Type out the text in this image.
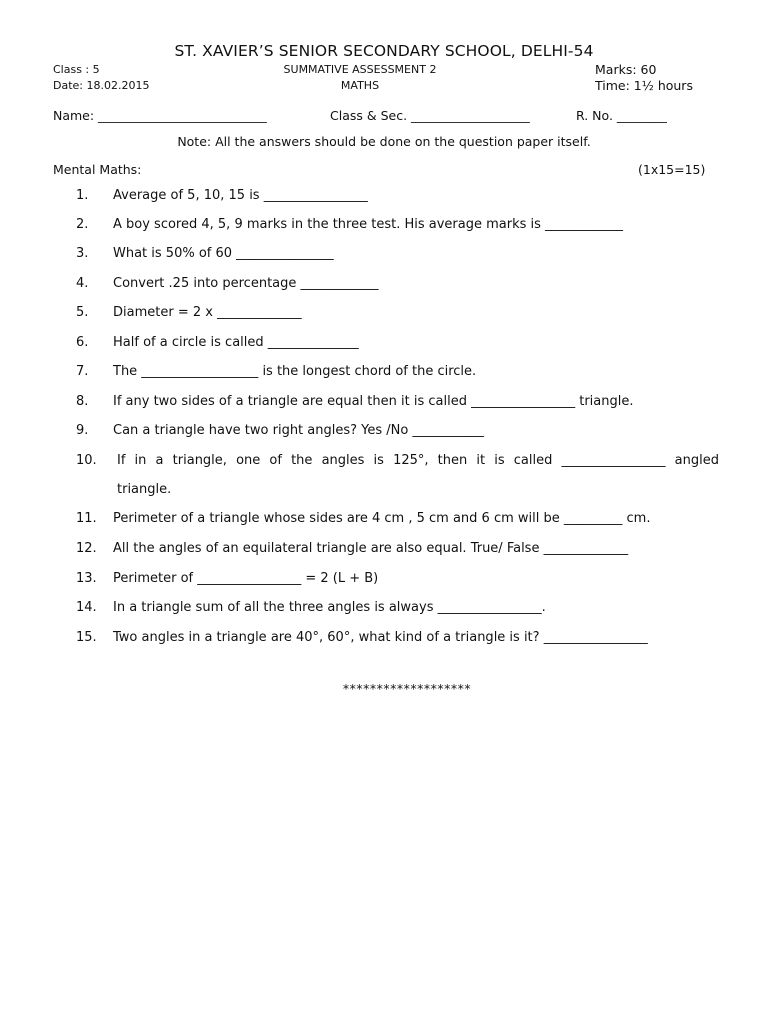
ST. XAVIER’S SENIOR SECONDARY SCHOOL, DELHI-54
Class : 5	SUMMATIVE ASSESSMENT 2	Marks: 60
Date: 18.02.2015	MATHS	Time: 1½ hours
Name: ___________________________	Class & Sec. ___________________	R. No. ________
Note: All the answers should be done on the question paper itself.
Mental Maths:	(1x15=15)
1.	Average of 5, 10, 15 is ________________
2.	A boy scored 4, 5, 9 marks in the three test. His average marks is ____________
3.	What is 50% of 60 _______________
4.	Convert .25 into percentage ____________
5.	Diameter = 2 x _____________
6.	Half of a circle is called ______________
7.	The __________________ is the longest chord of the circle.
8.	If any two sides of a triangle are equal then it is called ________________ triangle.
9.	Can a triangle have two right angles? Yes /No ___________
10. If in a triangle, one of the angles is 125°, then it is called ________________ angled
triangle.
11. Perimeter of a triangle whose sides are 4 cm , 5 cm and 6 cm will be _________ cm.
12. All the angles of an equilateral triangle are also equal. True/ False _____________
13. Perimeter of ________________ = 2 (L + B)
14. In a triangle sum of all the three angles is always ________________.
15. Two angles in a triangle are 40°, 60°, what kind of a triangle is it? ________________
*******************
